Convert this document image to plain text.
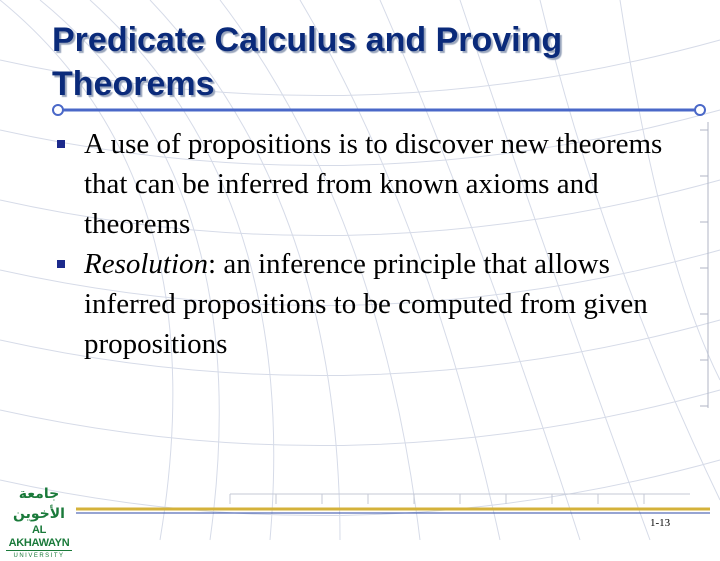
Predicate Calculus and Proving Theorems
A use of propositions is to discover new theorems that can be inferred from known axioms and theorems
Resolution: an inference principle that allows inferred propositions to be computed from given propositions
جامعة الأخوين
AL AKHAWAYN
UNIVERSITY
1-13
